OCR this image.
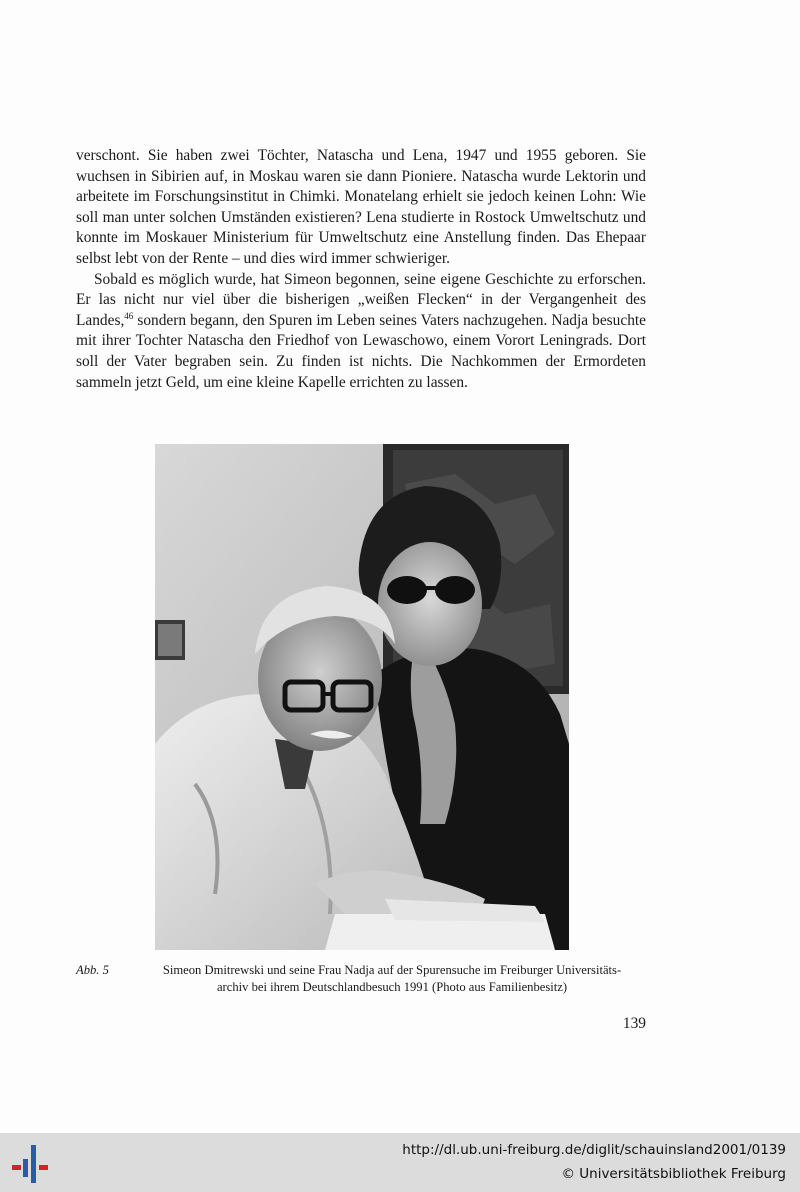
verschont. Sie haben zwei Töchter, Natascha und Lena, 1947 und 1955 geboren. Sie wuchsen in Sibirien auf, in Moskau waren sie dann Pioniere. Natascha wurde Lektorin und arbeitete im Forschungsinstitut in Chimki. Monatelang erhielt sie jedoch keinen Lohn: Wie soll man unter solchen Umständen existieren? Lena studierte in Rostock Umweltschutz und konnte im Moskauer Ministerium für Umweltschutz eine Anstellung finden. Das Ehepaar selbst lebt von der Rente – und dies wird immer schwieriger.

Sobald es möglich wurde, hat Simeon begonnen, seine eigene Geschichte zu erforschen. Er las nicht nur viel über die bisherigen „weißen Flecken“ in der Vergangenheit des Landes,$^{46}$ sondern begann, den Spuren im Leben seines Vaters nachzugehen. Nadja besuchte mit ihrer Tochter Natascha den Friedhof von Lewaschowo, einem Vorort Leningrads. Dort soll der Vater begraben sein. Zu finden ist nichts. Die Nachkommen der Ermordeten sammeln jetzt Geld, um eine kleine Kapelle errichten zu lassen.

Abb. 5	Simeon Dmitrewski und seine Frau Nadja auf der Spurensuche im Freiburger Universitäts-
archiv bei ihrem Deutschlandbesuch 1991 (Photo aus Familienbesitz)
139
http://dl.ub.uni-freiburg.de/diglit/schauinsland2001/0139
© Universitätsbibliothek Freiburg
